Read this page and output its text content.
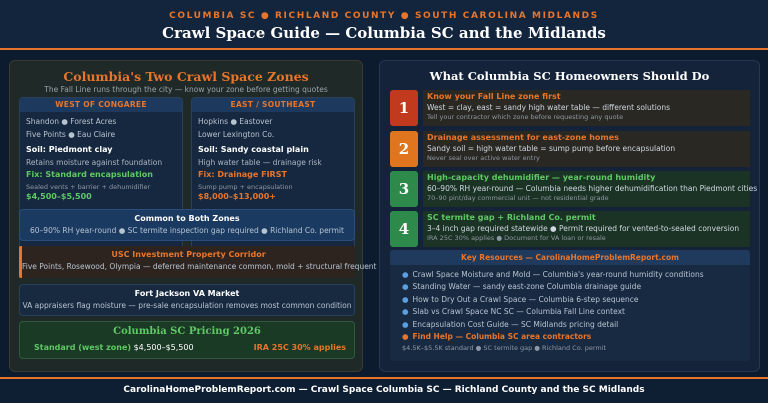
COLUMBIA SC ● RICHLAND COUNTY ● SOUTH CAROLINA MIDLANDS
Crawl Space Guide — Columbia SC and the Midlands
Columbia's Two Crawl Space Zones
The Fall Line runs through the city — know your zone before getting quotes
WEST OF CONGAREE
Shandon ● Forest Acres
Five Points ● Eau Claire
Soil: Piedmont clay
Retains moisture against foundation
Fix: Standard encapsulation
Sealed vents + barrier + dehumidifier
$4,500–$5,500
EAST / SOUTHEAST
Hopkins ● Eastover
Lower Lexington Co.
Soil: Sandy coastal plain
High water table — drainage risk
Fix: Drainage FIRST
Sump pump + encapsulation
$8,000–$13,000+
Common to Both Zones
60–90% RH year-round ● SC termite inspection gap required ● Richland Co. permit
USC Investment Property Corridor
Five Points, Rosewood, Olympia — deferred maintenance common, mold + structural frequent
Fort Jackson VA Market
VA appraisers flag moisture — pre-sale encapsulation removes most common condition
Columbia SC Pricing 2026
Standard (west zone) $4,500–$5,500	IRA 25C 30% applies
What Columbia SC Homeowners Should Do
1
Know your Fall Line zone first
West = clay, east = sandy high water table — different solutions
Tell your contractor which zone before requesting any quote
2
Drainage assessment for east-zone homes
Sandy soil = high water table = sump pump before encapsulation
Never seal over active water entry
3
High-capacity dehumidifier — year-round humidity
60–90% RH year-round — Columbia needs higher dehumidification than Piedmont cities
70–90 pint/day commercial unit — not residential grade
4
SC termite gap + Richland Co. permit
3–4 inch gap required statewide ● Permit required for vented-to-sealed conversion
IRA 25C 30% applies ● Document for VA loan or resale
Key Resources — CarolinaHomeProblemReport.com
● Crawl Space Moisture and Mold — Columbia's year-round humidity conditions
● Standing Water — sandy east-zone Columbia drainage guide
● How to Dry Out a Crawl Space — Columbia 6-step sequence
● Slab vs Crawl Space NC SC — Columbia Fall Line context
● Encapsulation Cost Guide — SC Midlands pricing detail
● Find Help — Columbia SC area contractors
$4.5K–$5.5K standard ● SC termite gap ● Richland Co. permit
CarolinaHomeProblemReport.com — Crawl Space Columbia SC — Richland County and the SC Midlands
